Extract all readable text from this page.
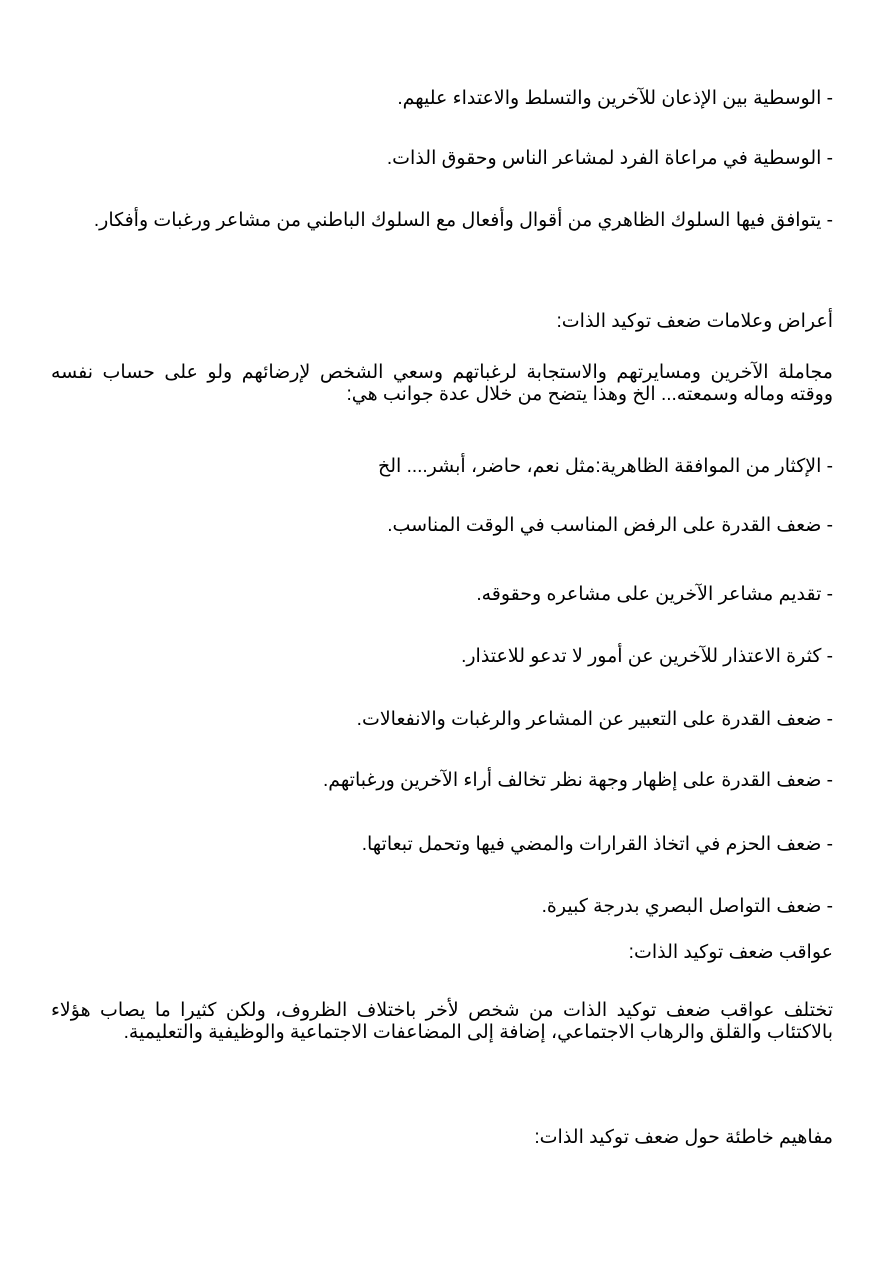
- الوسطية بين الإذعان للآخرين والتسلط والاعتداء عليهم.
- الوسطية في مراعاة الفرد لمشاعر الناس وحقوق الذات.
- يتوافق فيها السلوك الظاهري من أقوال وأفعال مع السلوك الباطني من مشاعر ورغبات وأفكار.
أعراض وعلامات ضعف توكيد الذات:
مجاملة الآخرين ومسايرتهم والاستجابة لرغباتهم وسعي الشخص لإرضائهم ولو على حساب نفسه ووقته وماله وسمعته... الخ وهذا يتضح من خلال عدة جوانب هي:
- الإكثار من الموافقة الظاهرية:مثل نعم، حاضر، أبشر.... الخ
- ضعف القدرة على الرفض المناسب في الوقت المناسب.
- تقديم مشاعر الآخرين على مشاعره وحقوقه.
- كثرة الاعتذار للآخرين عن أمور لا تدعو للاعتذار.
- ضعف القدرة على التعبير عن المشاعر والرغبات والانفعالات.
- ضعف القدرة على إظهار وجهة نظر تخالف أراء الآخرين ورغباتهم.
- ضعف الحزم في اتخاذ القرارات والمضي فيها وتحمل تبعاتها.
- ضعف التواصل البصري بدرجة كبيرة.
عواقب ضعف توكيد الذات:
تختلف عواقب ضعف توكيد الذات من شخص لأخر باختلاف الظروف، ولكن كثيرا ما يصاب هؤلاء بالاكتئاب والقلق والرهاب الاجتماعي، إضافة إلى المضاعفات الاجتماعية والوظيفية والتعليمية.
مفاهيم خاطئة حول ضعف توكيد الذات:
